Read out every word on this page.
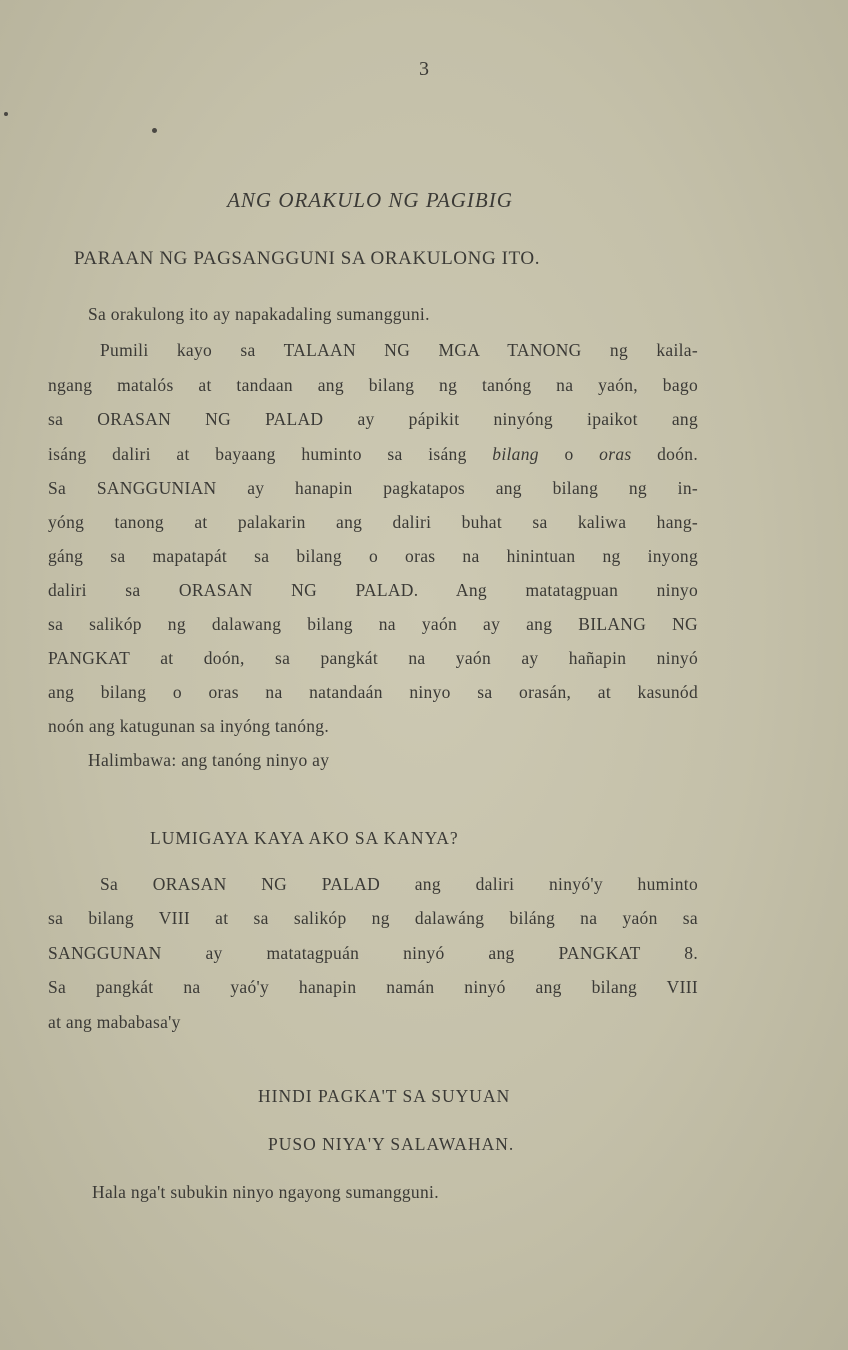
3
ANG ORAKULO NG PAGIBIG
PARAAN NG PAGSANGGUNI SA ORAKULONG ITO.
Sa orakulong ito ay napakadaling sumangguni.
Pumili kayo sa TALAAN NG MGA TANONG ng kaila-
ngang matalós at tandaan ang bilang ng tanóng na yaón, bago
sa ORASAN NG PALAD ay pápikit ninyóng ipaikot ang
isáng daliri at bayaang huminto sa isáng bilang o oras doón.
Sa SANGGUNIAN ay hanapin pagkatapos ang bilang ng in-
yóng tanong at palakarin ang daliri buhat sa kaliwa hang-
gáng sa mapatapát sa bilang o oras na hinintuan ng inyong
daliri sa ORASAN NG PALAD. Ang matatagpuan ninyo
sa salikóp ng dalawang bilang na yaón ay ang BILANG NG
PANGKAT at doón, sa pangkát na yaón ay hañapin ninyó
ang bilang o oras na natandaán ninyo sa orasán, at kasunód
noón ang katugunan sa inyóng tanóng.
Halimbawa: ang tanóng ninyo ay
LUMIGAYA KAYA AKO SA KANYA?
Sa ORASAN NG PALAD ang daliri ninyó'y huminto
sa bilang VIII at sa salikóp ng dalawáng biláng na yaón sa
SANGGUNAN ay matatagpuán ninyó ang PANGKAT 8.
Sa pangkát na yaó'y hanapin namán ninyó ang bilang VIII
at ang mababasa'y
HINDI PAGKA'T SA SUYUAN
PUSO NIYA'Y SALAWAHAN.
Hala nga't subukin ninyo ngayong sumangguni.
